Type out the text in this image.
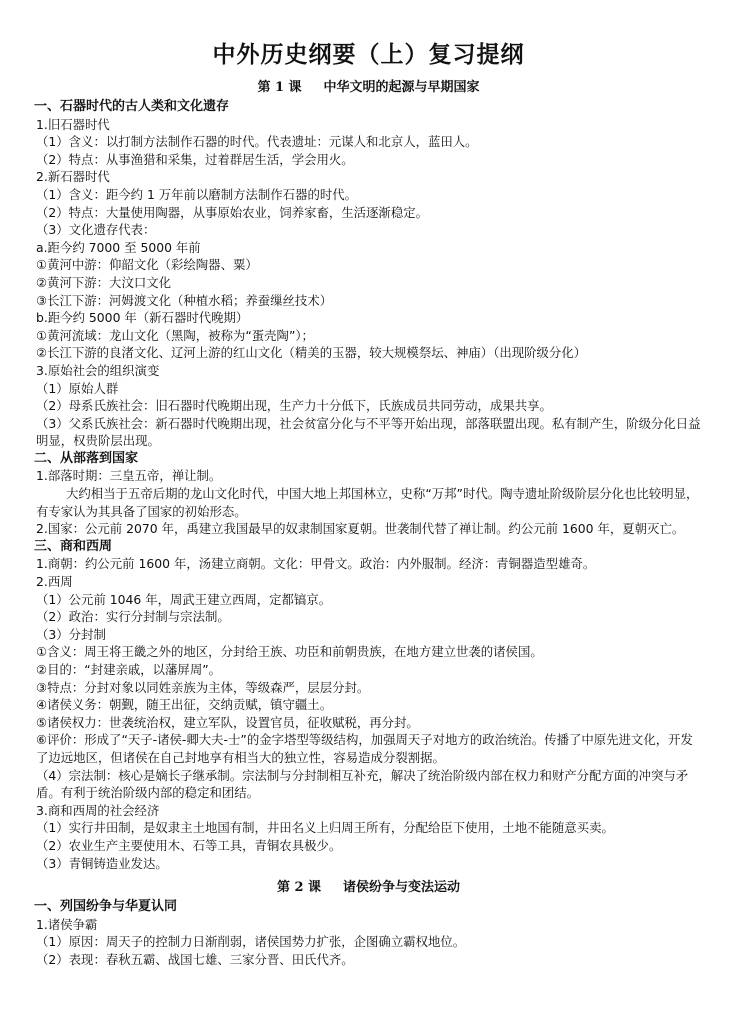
中外历史纲要（上）复习提纲
第 1 课 中华文明的起源与早期国家
一、石器时代的古人类和文化遗存
1.旧石器时代
（1）含义：以打制方法制作石器的时代。代表遗址：元谋人和北京人，蓝田人。
（2）特点：从事渔猎和采集，过着群居生活，学会用火。
2.新石器时代
（1）含义：距今约 1 万年前以磨制方法制作石器的时代。
（2）特点：大量使用陶器，从事原始农业，饲养家畜，生活逐渐稳定。
（3）文化遗存代表：
a.距今约 7000 至 5000 年前
①黄河中游：仰韶文化（彩绘陶器、粟）
②黄河下游：大汶口文化
③长江下游：河姆渡文化（种植水稻；养蚕缫丝技术）
b.距今约 5000 年（新石器时代晚期）
①黄河流域：龙山文化（黑陶，被称为“蛋壳陶”）；
②长江下游的良渚文化、辽河上游的红山文化（精美的玉器，较大规模祭坛、神庙）（出现阶级分化）
3.原始社会的组织演变
（1）原始人群
（2）母系氏族社会：旧石器时代晚期出现，生产力十分低下，氏族成员共同劳动，成果共享。
（3）父系氏族社会：新石器时代晚期出现，社会贫富分化与不平等开始出现，部落联盟出现。私有制产生，阶级分化日益明显，权贵阶层出现。
二、从部落到国家
1.部落时期：三皇五帝，禅让制。
大约相当于五帝后期的龙山文化时代，中国大地上邦国林立，史称“万邦”时代。陶寺遗址阶级阶层分化也比较明显，有专家认为其具备了国家的初始形态。
2.国家：公元前 2070 年，禹建立我国最早的奴隶制国家夏朝。世袭制代替了禅让制。约公元前 1600 年，夏朝灭亡。
三、商和西周
1.商朝：约公元前 1600 年，汤建立商朝。文化：甲骨文。政治：内外服制。经济：青铜器造型雄奇。
2.西周
（1）公元前 1046 年，周武王建立西周，定都镐京。
（2）政治：实行分封制与宗法制。
（3）分封制
①含义：周王将王畿之外的地区，分封给王族、功臣和前朝贵族，在地方建立世袭的诸侯国。
②目的：“封建亲戚，以藩屏周”。
③特点：分封对象以同姓亲族为主体，等级森严，层层分封。
④诸侯义务：朝觐，随王出征，交纳贡赋，镇守疆土。
⑤诸侯权力：世袭统治权，建立军队，设置官员，征收赋税，再分封。
⑥评价：形成了“天子-诸侯-卿大夫-士”的金字塔型等级结构，加强周天子对地方的政治统治。传播了中原先进文化，开发了边远地区，但诸侯在自己封地享有相当大的独立性，容易造成分裂割据。
（4）宗法制：核心是嫡长子继承制。宗法制与分封制相互补充，解决了统治阶级内部在权力和财产分配方面的冲突与矛盾。有利于统治阶级内部的稳定和团结。
3.商和西周的社会经济
（1）实行井田制，是奴隶主土地国有制，井田名义上归周王所有，分配给臣下使用，土地不能随意买卖。
（2）农业生产主要使用木、石等工具，青铜农具极少。
（3）青铜铸造业发达。
第 2 课 诸侯纷争与变法运动
一、列国纷争与华夏认同
1.诸侯争霸
（1）原因：周天子的控制力日渐削弱，诸侯国势力扩张，企图确立霸权地位。
（2）表现：春秋五霸、战国七雄、三家分晋、田氏代齐。
